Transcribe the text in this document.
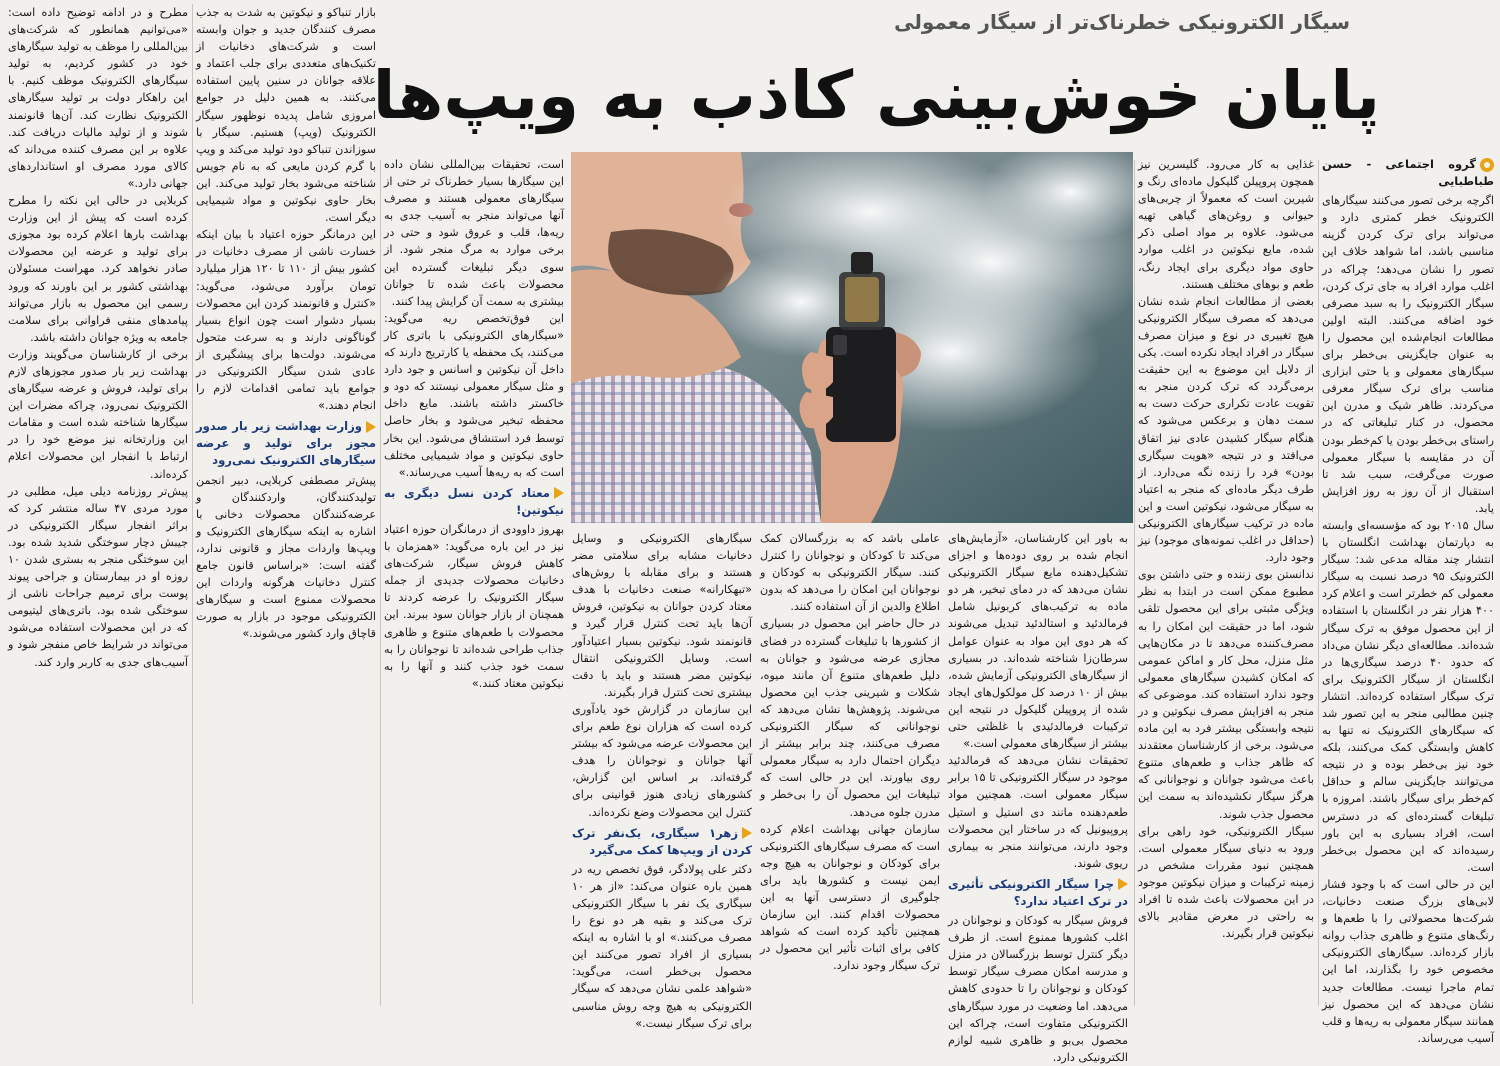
سیگار الکترونیکی خطرناک‌تر از سیگار معمولی
پایان خوش‌بینی کاذب به ویپ‌ها
گروه اجتماعی - حسن طباطبایی

اگرچه برخی تصور می‌کنند سیگارهای الکترونیک خطر کمتری دارد و می‌تواند برای ترک کردن گزینه مناسبی باشد، اما شواهد خلاف این تصور را نشان می‌دهد؛ چراکه در اغلب موارد افراد به جای ترک کردن، سیگار الکترونیک را به سبد مصرفی خود اضافه می‌کنند. البته اولین مطالعات انجام‌شده این محصول را به عنوان جایگزینی بی‌خطر برای سیگارهای معمولی و یا حتی ابزاری مناسب برای ترک سیگار معرفی می‌کردند. ظاهر شیک و مدرن این محصول، در کنار تبلیغاتی که در راستای بی‌خطر بودن یا کم‌خطر بودن آن در مقایسه با سیگار معمولی صورت می‌گرفت، سبب شد تا استقبال از آن روز به روز افزایش یابد.

سال ۲۰۱۵ بود که مؤسسه‌ای وابسته به دپارتمان بهداشت انگلستان با انتشار چند مقاله مدعی شد: سیگار الکترونیک ۹۵ درصد نسبت به سیگار معمولی کم خطرتر است و اعلام کرد ۴۰۰ هزار نفر در انگلستان با استفاده از این محصول موفق به ترک سیگار شده‌اند. مطالعه‌ای دیگر نشان می‌داد که حدود ۴۰ درصد سیگاری‌ها در انگلستان از سیگار الکترونیک برای ترک سیگار استفاده کرده‌اند. انتشار چنین مطالبی منجر به این تصور شد که سیگارهای الکترونیک نه تنها به کاهش وابستگی کمک می‌کنند، بلکه خود نیز بی‌خطر بوده و در نتیجه می‌توانند جایگزینی سالم و حداقل کم‌خطر برای سیگار باشند. امروزه با تبلیغات گسترده‌ای که در دسترس است، افراد بسیاری به این باور رسیده‌اند که این محصول بی‌خطر است.

این در حالی است که با وجود فشار لابی‌های بزرگ صنعت دخانیات، شرکت‌ها محصولاتی را با طعم‌ها و رنگ‌های متنوع و ظاهری جذاب روانه بازار کرده‌اند. سیگارهای الکترونیکی مخصوص خود را بگذارند، اما این تمام ماجرا نیست. مطالعات جدید نشان می‌دهد که این محصول نیز همانند سیگار معمولی به ریه‌ها و قلب آسیب می‌رساند.

غذایی به کار می‌رود. گلیسرین نیز همچون پروپیلن گلیکول ماده‌ای رنگ و شیرین است که معمولاً از چربی‌های حیوانی و روغن‌های گیاهی تهیه می‌شود. علاوه بر مواد اصلی ذکر شده، مایع نیکوتین در اغلب موارد حاوی مواد دیگری برای ایجاد رنگ، طعم و بوهای مختلف هستند.

بعضی از مطالعات انجام شده نشان می‌دهد که مصرف سیگار الکترونیکی هیچ تغییری در نوع و میزان مصرف سیگار در افراد ایجاد نکرده است. یکی از دلایل این موضوع به این حقیقت برمی‌گردد که ترک کردن منجر به تقویت عادت تکراری حرکت دست به سمت دهان و برعکس می‌شود که هنگام سیگار کشیدن عادی نیز اتفاق می‌افتد و در نتیجه «هویت سیگاری بودن» فرد را زنده نگه می‌دارد. از طرف دیگر ماده‌ای که منجر به اعتیاد به سیگار می‌شود، نیکوتین است و این ماده در ترکیب سیگارهای الکترونیکی (حداقل در اغلب نمونه‌های موجود) نیز وجود دارد.

ندانستن بوی زننده و حتی داشتن بوی مطبوع ممکن است در ابتدا به نظر ویژگی مثبتی برای این محصول تلقی شود، اما در حقیقت این امکان را به مصرف‌کننده می‌دهد تا در مکان‌هایی مثل منزل، محل کار و اماکن عمومی که امکان کشیدن سیگارهای معمولی وجود ندارد استفاده کند. موضوعی که منجر به افزایش مصرف نیکوتین و در نتیجه وابستگی بیشتر فرد به این ماده می‌شود. برخی از کارشناسان معتقدند که ظاهر جذاب و طعم‌های متنوع باعث می‌شود جوانان و نوجوانانی که هرگز سیگار نکشیده‌اند به سمت این محصول جذب شوند.

سیگار الکترونیکی، خود راهی برای ورود به دنیای سیگار معمولی است. همچنین نبود مقررات مشخص در زمینه ترکیبات و میزان نیکوتین موجود در این محصولات باعث شده تا افراد به راحتی در معرض مقادیر بالای نیکوتین قرار بگیرند.

به باور این کارشناسان، «آزمایش‌های انجام شده بر روی دوده‌ها و اجزای تشکیل‌دهنده مایع سیگار الکترونیکی نشان می‌دهد که در دمای تبخیر، هر دو ماده به ترکیب‌های کربونیل شامل فرمالدئید و استالدئید تبدیل می‌شوند که هر دوی این مواد به عنوان عوامل سرطان‌زا شناخته شده‌اند. در بسیاری از سیگارهای الکترونیکی آزمایش شده، بیش از ۱۰ درصد کل مولکول‌های ایجاد شده از پروپیلن گلیکول در نتیجه این ترکیبات فرمالدئیدی با غلظتی حتی بیشتر از سیگارهای معمولی است.»

تحقیقات نشان می‌دهد که فرمالدئید موجود در سیگار الکترونیکی تا ۱۵ برابر سیگار معمولی است. همچنین مواد طعم‌دهنده مانند دی استیل و استیل پروپیونیل که در ساختار این محصولات وجود دارند، می‌توانند منجر به بیماری ریوی شوند.

چرا سیگار الکترونیکی تأثیری در ترک اعتیاد ندارد؟

فروش سیگار به کودکان و نوجوانان در اغلب کشورها ممنوع است. از طرف دیگر کنترل توسط بزرگسالان در منزل و مدرسه امکان مصرف سیگار توسط کودکان و نوجوانان را تا حدودی کاهش می‌دهد. اما وضعیت در مورد سیگارهای الکترونیکی متفاوت است، چراکه این محصول بی‌بو و ظاهری شبیه لوازم الکترونیکی دارد.

عاملی باشد که به بزرگسالان کمک می‌کند تا کودکان و نوجوانان را کنترل کنند. سیگار الکترونیکی به کودکان و نوجوانان این امکان را می‌دهد که بدون اطلاع والدین از آن استفاده کنند.

در حال حاضر این محصول در بسیاری از کشورها با تبلیغات گسترده در فضای مجازی عرضه می‌شود و جوانان به دلیل طعم‌های متنوع آن مانند میوه، شکلات و شیرینی جذب این محصول می‌شوند. پژوهش‌ها نشان می‌دهد که نوجوانانی که سیگار الکترونیکی مصرف می‌کنند، چند برابر بیشتر از دیگران احتمال دارد به سیگار معمولی روی بیاورند. این در حالی است که تبلیغات این محصول آن را بی‌خطر و مدرن جلوه می‌دهد.

سازمان جهانی بهداشت اعلام کرده است که مصرف سیگارهای الکترونیکی برای کودکان و نوجوانان به هیچ وجه ایمن نیست و کشورها باید برای جلوگیری از دسترسی آنها به این محصولات اقدام کنند. این سازمان همچنین تأکید کرده است که شواهد کافی برای اثبات تأثیر این محصول در ترک سیگار وجود ندارد.

سیگارهای الکترونیکی و وسایل دخانیات مشابه برای سلامتی مضر هستند و برای مقابله با روش‌های «تبهکارانه» صنعت دخانیات با هدف معتاد کردن جوانان به نیکوتین، فروش آن‌ها باید تحت کنترل قرار گیرد و قانونمند شود. نیکوتین بسیار اعتیادآور است. وسایل الکترونیکی انتقال نیکوتین مضر هستند و باید با دقت بیشتری تحت کنترل قرار بگیرند.

این سازمان در گزارش خود یادآوری کرده است که هزاران نوع طعم برای این محصولات عرضه می‌شود که بیشتر آنها جوانان و نوجوانان را هدف گرفته‌اند. بر اساس این گزارش، کشورهای زیادی هنوز قوانینی برای کنترل این محصولات وضع نکرده‌اند.

زهر۱ سیگاری، یک‌نفر ترک کردن از ویپ‌ها کمک می‌گیرد

دکتر علی پولادگر، فوق تخصص ریه در همین باره عنوان می‌کند: «از هر ۱۰ سیگاری یک نفر با سیگار الکترونیکی ترک می‌کند و بقیه هر دو نوع را مصرف می‌کنند.» او با اشاره به اینکه بسیاری از افراد تصور می‌کنند این محصول بی‌خطر است، می‌گوید: «شواهد علمی نشان می‌دهد که سیگار الکترونیکی به هیچ وجه روش مناسبی برای ترک سیگار نیست.»

است، تحقیقات بین‌المللی نشان داده این سیگارها بسیار خطرناک تر حتی از سیگارهای معمولی هستند و مصرف آنها می‌تواند منجر به آسیب جدی به ریه‌ها، قلب و عروق شود و حتی در برخی موارد به مرگ منجر شود. از سوی دیگر تبلیغات گسترده این محصولات باعث شده تا جوانان بیشتری به سمت آن گرایش پیدا کنند.

این فوق‌تخصص ریه می‌گوید: «سیگارهای الکترونیکی با باتری کار می‌کنند، یک محفظه یا کارتریج دارند که داخل آن نیکوتین و اسانس و جود دارد و مثل سیگار معمولی نیستند که دود و خاکستر داشته باشند. مایع داخل محفظه تبخیر می‌شود و بخار حاصل توسط فرد استنشاق می‌شود. این بخار حاوی نیکوتین و مواد شیمیایی مختلف است که به ریه‌ها آسیب می‌رساند.»

معتاد کردن نسل دیگری به نیکوتین!

بهروز داوودی از درمانگران حوزه اعتیاد نیز در این باره می‌گوید: «همزمان با کاهش فروش سیگار، شرکت‌های دخانیات محصولات جدیدی از جمله سیگار الکترونیک را عرضه کردند تا همچنان از بازار جوانان سود ببرند. این محصولات با طعم‌های متنوع و ظاهری جذاب طراحی شده‌اند تا نوجوانان را به سمت خود جذب کنند و آنها را به نیکوتین معتاد کنند.»

بازار تنباکو و نیکوتین به شدت به جذب مصرف کنندگان جدید و جوان وابسته است و شرکت‌های دخانیات از تکنیک‌های متعددی برای جلب اعتماد و علاقه جوانان در سنین پایین استفاده می‌کنند. به همین دلیل در جوامع امروزی شامل پدیده نوظهور سیگار الکترونیک (ویپ) هستیم. سیگار با سوزاندن تنباکو دود تولید می‌کند و ویپ با گرم کردن مایعی که به نام جویس شناخته می‌شود بخار تولید می‌کند. این بخار حاوی نیکوتین و مواد شیمیایی دیگر است.

این درمانگر حوزه اعتیاد با بیان اینکه خسارت ناشی از مصرف دخانیات در کشور بیش از ۱۱۰ تا ۱۲۰ هزار میلیارد تومان برآورد می‌شود، می‌گوید: «کنترل و قانونمند کردن این محصولات بسیار دشوار است چون انواع بسیار گوناگونی دارند و به سرعت متحول می‌شوند. دولت‌ها برای پیشگیری از عادی شدن سیگار الکترونیکی در جوامع باید تمامی اقدامات لازم را انجام دهند.»

وزارت بهداشت زیر بار صدور مجوز برای تولید و عرضه سیگارهای الکترونیک نمی‌رود

پیش‌تر مصطفی کربلایی، دبیر انجمن تولیدکنندگان، واردکنندگان و عرضه‌کنندگان محصولات دخانی با اشاره به اینکه سیگارهای الکترونیک و ویپ‌ها واردات مجاز و قانونی ندارد، گفته است: «براساس قانون جامع کنترل دخانیات هرگونه واردات این محصولات ممنوع است و سیگارهای الکترونیکی موجود در بازار به صورت قاچاق وارد کشور می‌شوند.»

مطرح و در ادامه توضیح داده است: «می‌توانیم همانطور که شرکت‌های بین‌المللی را موظف به تولید سیگارهای خود در کشور کردیم، به تولید سیگارهای الکترونیک موظف کنیم. با این راهکار دولت بر تولید سیگارهای الکترونیک نظارت کند. آن‌ها قانونمند شوند و از تولید مالیات دریافت کند. علاوه بر این مصرف کننده می‌داند که کالای مورد مصرف او استانداردهای جهانی دارد.»

کربلایی در حالی این نکته را مطرح کرده است که پیش از این وزارت بهداشت بارها اعلام کرده بود مجوزی برای تولید و عرضه این محصولات صادر نخواهد کرد. مهراست مسئولان بهداشتی کشور بر این باورند که ورود رسمی این محصول به بازار می‌تواند پیامدهای منفی فراوانی برای سلامت جامعه به ویژه جوانان داشته باشد.

برخی از کارشناسان می‌گویند وزارت بهداشت زیر بار صدور مجوزهای لازم برای تولید، فروش و عرضه سیگارهای الکترونیک نمی‌رود، چراکه مضرات این سیگارها شناخته شده است و مقامات این وزارتخانه نیز موضع خود را در ارتباط با انفجار این محصولات اعلام کرده‌اند.

پیش‌تر روزنامه دیلی میل، مطلبی در مورد مردی ۴۷ ساله منتشر کرد که براثر انفجار سیگار الکترونیکی در جیبش دچار سوختگی شدید شده بود. این سوختگی منجر به بستری شدن ۱۰ روزه او در بیمارستان و جراحی پیوند پوست برای ترمیم جراحات ناشی از سوختگی شده بود. باتری‌های لیتیومی که در این محصولات استفاده می‌شود می‌تواند در شرایط خاص منفجر شود و آسیب‌های جدی به کاربر وارد کند.
